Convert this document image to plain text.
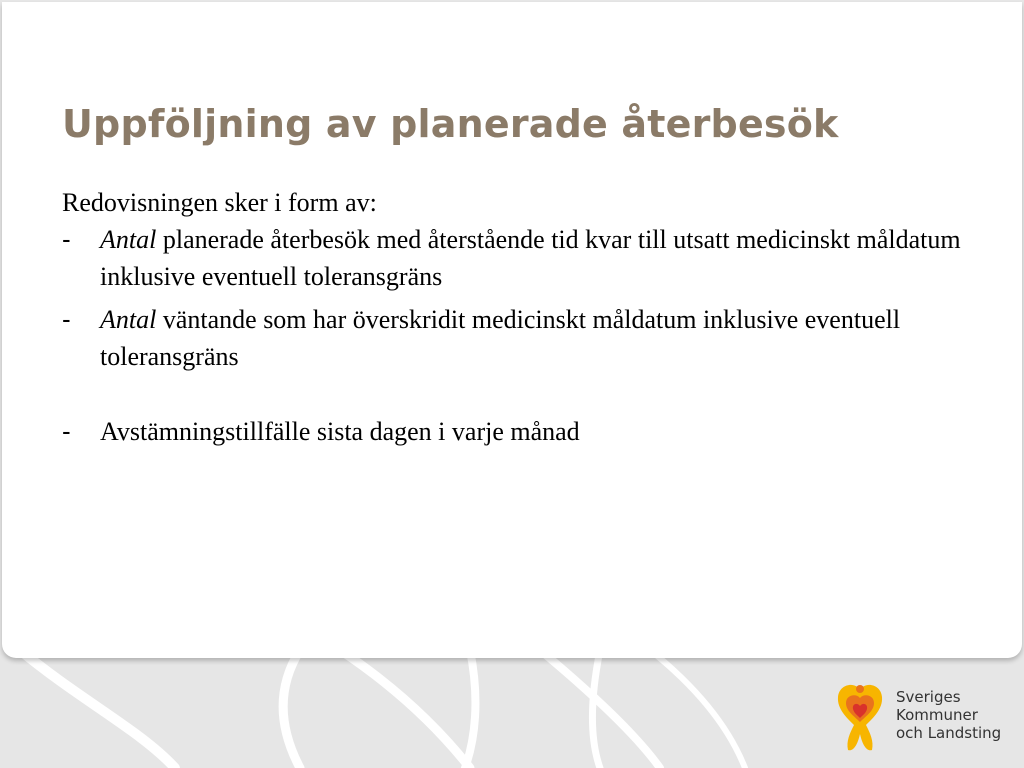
Uppföljning av planerade återbesök

Redovisningen sker i form av:

-	Antal planerade återbesök med återstående tid kvar till utsatt medicinskt måldatum inklusive eventuell toleransgräns
-	Antal väntande som har överskridit medicinskt måldatum inklusive eventuell toleransgräns
-	Avstämningstillfälle sista dagen i varje månad
Sveriges
Kommuner
och Landsting
